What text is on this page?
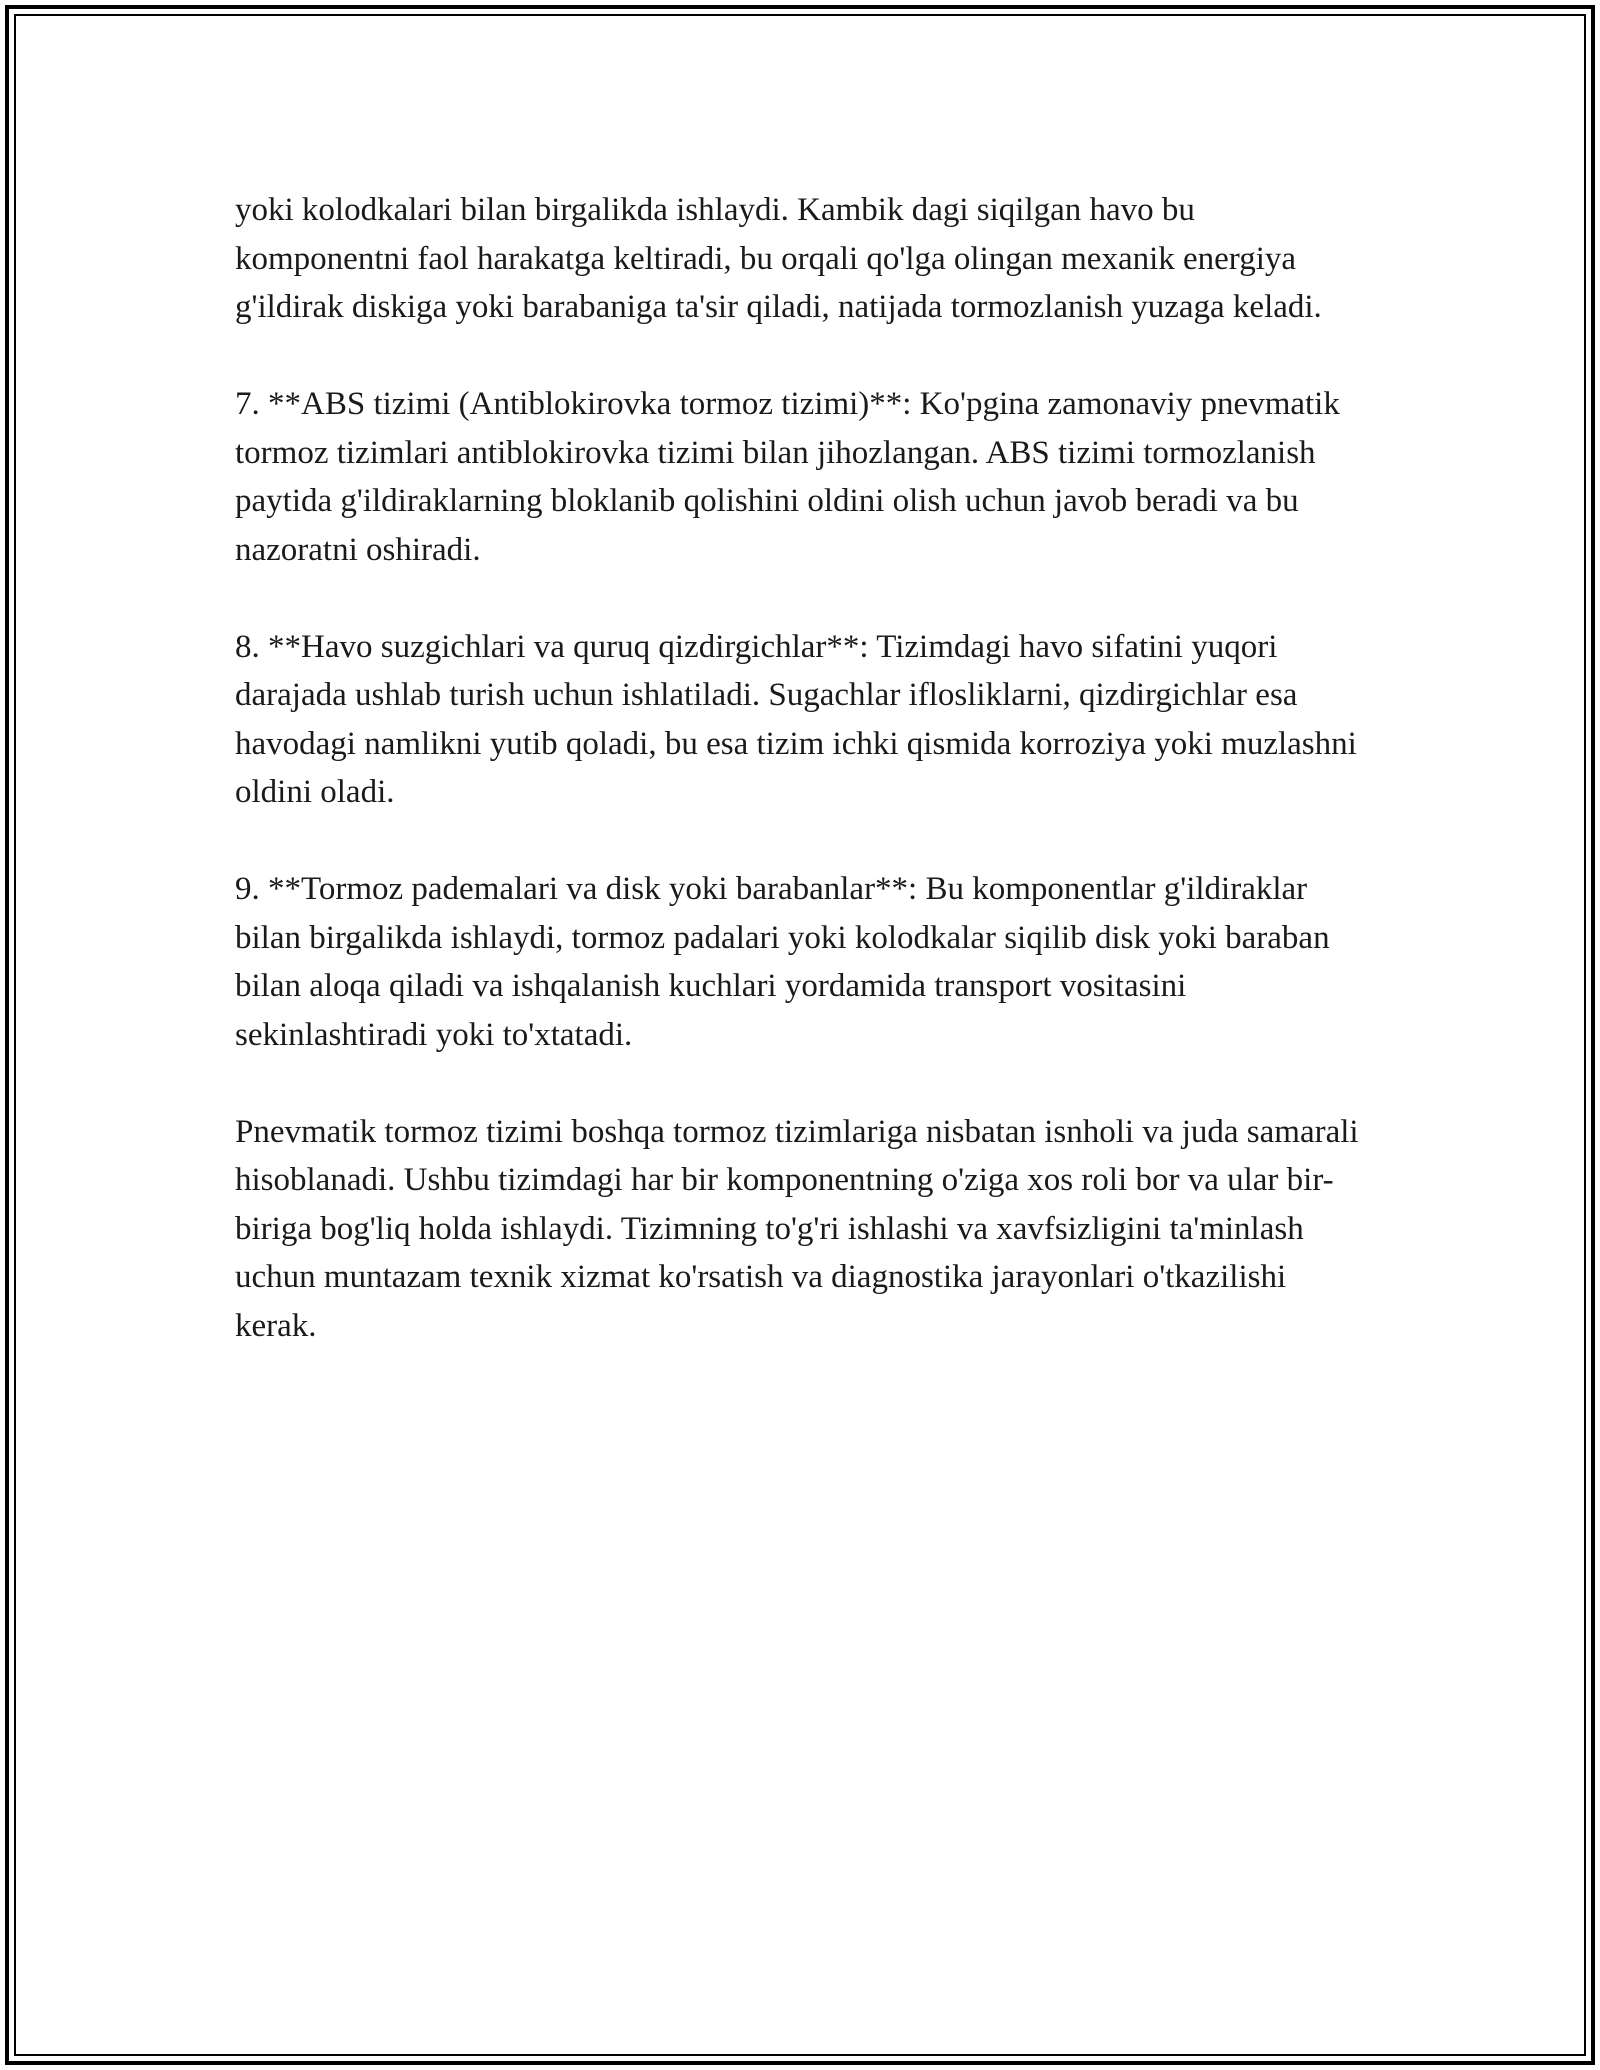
yoki kolodkalari bilan birgalikda ishlaydi. Kambik dagi siqilgan havo bu komponentni faol harakatga keltiradi, bu orqali qo'lga olingan mexanik energiya g'ildirak diskiga yoki barabaniga ta'sir qiladi, natijada tormozlanish yuzaga keladi.

7. **ABS tizimi (Antiblokirovka tormoz tizimi)**: Ko'pgina zamonaviy pnevmatik tormoz tizimlari antiblokirovka tizimi bilan jihozlangan. ABS tizimi tormozlanish paytida g'ildiraklarning bloklanib qolishini oldini olish uchun javob beradi va bu nazoratni oshiradi.

8. **Havo suzgichlari va quruq qizdirgichlar**: Tizimdagi havo sifatini yuqori darajada ushlab turish uchun ishlatiladi. Sugachlar iflosliklarni, qizdirgichlar esa havodagi namlikni yutib qoladi, bu esa tizim ichki qismida korroziya yoki muzlashni oldini oladi.

9. **Tormoz pademalari va disk yoki barabanlar**: Bu komponentlar g'ildiraklar bilan birgalikda ishlaydi, tormoz padalari yoki kolodkalar siqilib disk yoki baraban bilan aloqa qiladi va ishqalanish kuchlari yordamida transport vositasini sekinlashtiradi yoki to'xtatadi.

Pnevmatik tormoz tizimi boshqa tormoz tizimlariga nisbatan isnholi va juda samarali hisoblanadi. Ushbu tizimdagi har bir komponentning o'ziga xos roli bor va ular bir-biriga bog'liq holda ishlaydi. Tizimning to'g'ri ishlashi va xavfsizligini ta'minlash uchun muntazam texnik xizmat ko'rsatish va diagnostika jarayonlari o'tkazilishi kerak.
